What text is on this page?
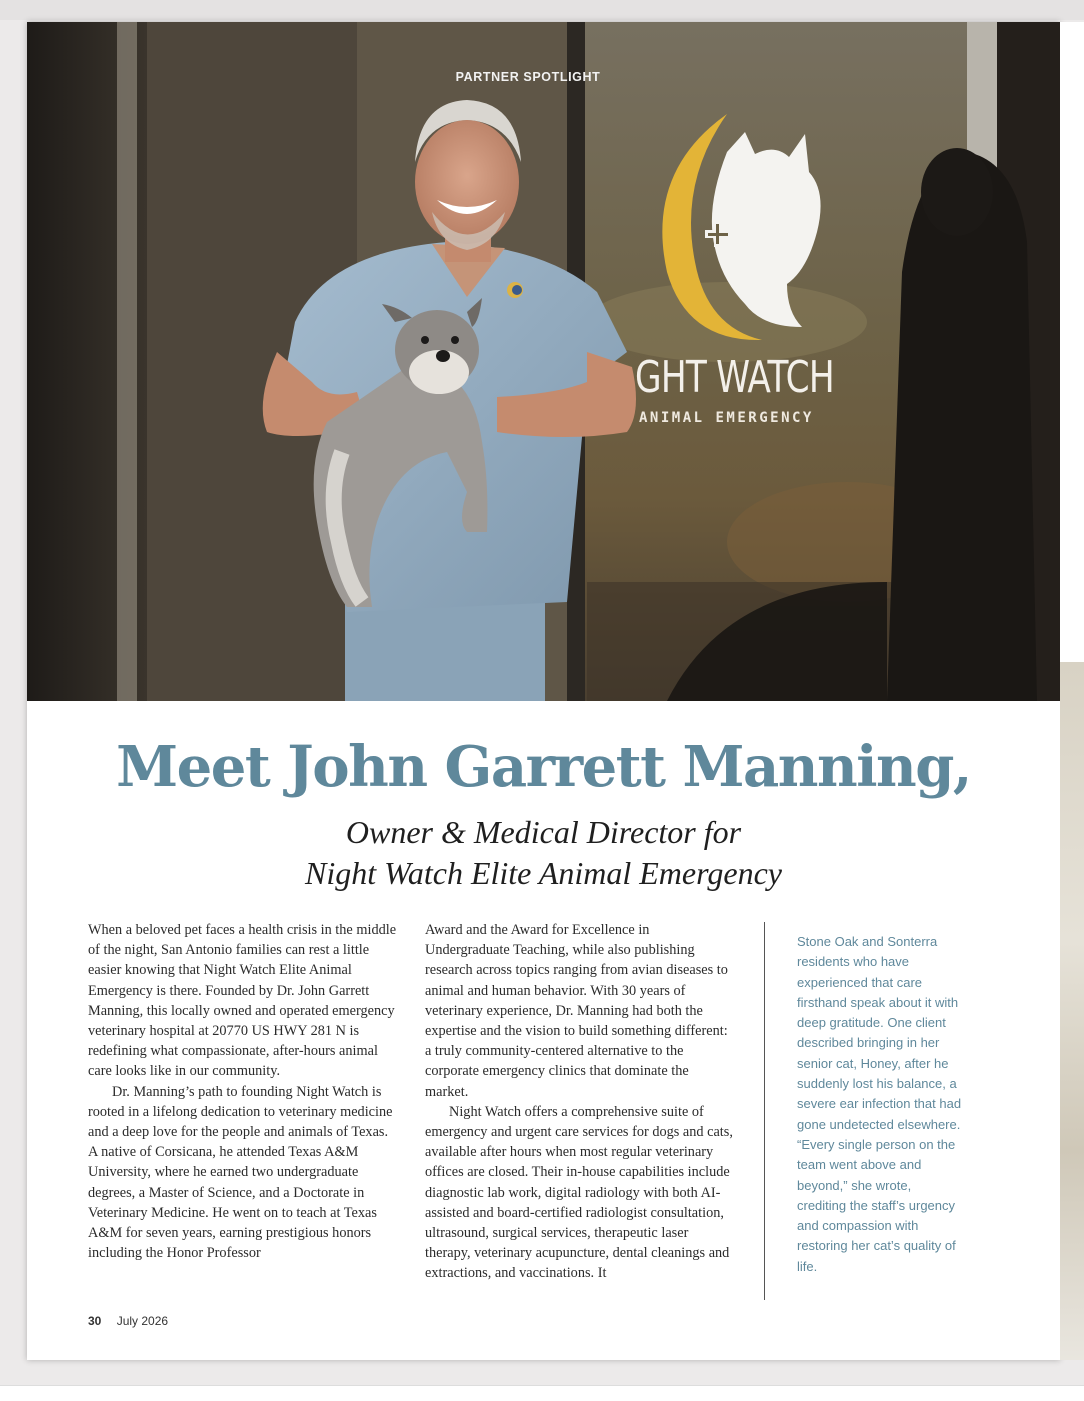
PARTNER SPOTLIGHT
GHT WATCH
ANIMAL EMERGENCY
Meet John Garrett Manning,
Owner & Medical Director for
Night Watch Elite Animal Emergency

When a beloved pet faces a health crisis in the middle of the night, San Antonio families can rest a little easier knowing that Night Watch Elite Animal Emergency is there. Founded by Dr. John Garrett Manning, this locally owned and operated emergency veterinary hospital at 20770 US HWY 281 N is redefining what compassionate, after-hours animal care looks like in our community.

Dr. Manning’s path to founding Night Watch is rooted in a lifelong dedication to veterinary medicine and a deep love for the people and animals of Texas. A native of Corsicana, he attended Texas A&M University, where he earned two undergraduate degrees, a Master of Science, and a Doctorate in Veterinary Medicine. He went on to teach at Texas A&M for seven years, earning prestigious honors including the Honor Professor

Award and the Award for Excellence in Undergraduate Teaching, while also publishing research across topics ranging from avian diseases to animal and human behavior. With 30 years of veterinary experience, Dr. Manning had both the expertise and the vision to build something different: a truly community-centered alternative to the corporate emergency clinics that dominate the market.

Night Watch offers a comprehensive suite of emergency and urgent care services for dogs and cats, available after hours when most regular veterinary offices are closed. Their in-house capabilities include diagnostic lab work, digital radiology with both AI-assisted and board-certified radiologist consultation, ultrasound, surgical services, therapeutic laser therapy, veterinary acupuncture, dental cleanings and extractions, and vaccinations. It

Stone Oak and Sonterra residents who have experienced that care firsthand speak about it with deep gratitude. One client described bringing in her senior cat, Honey, after he suddenly lost his balance, a severe ear infection that had gone undetected elsewhere. “Every single person on the team went above and beyond,” she wrote, crediting the staff’s urgency and compassion with restoring her cat’s quality of life.
30 July 2026
